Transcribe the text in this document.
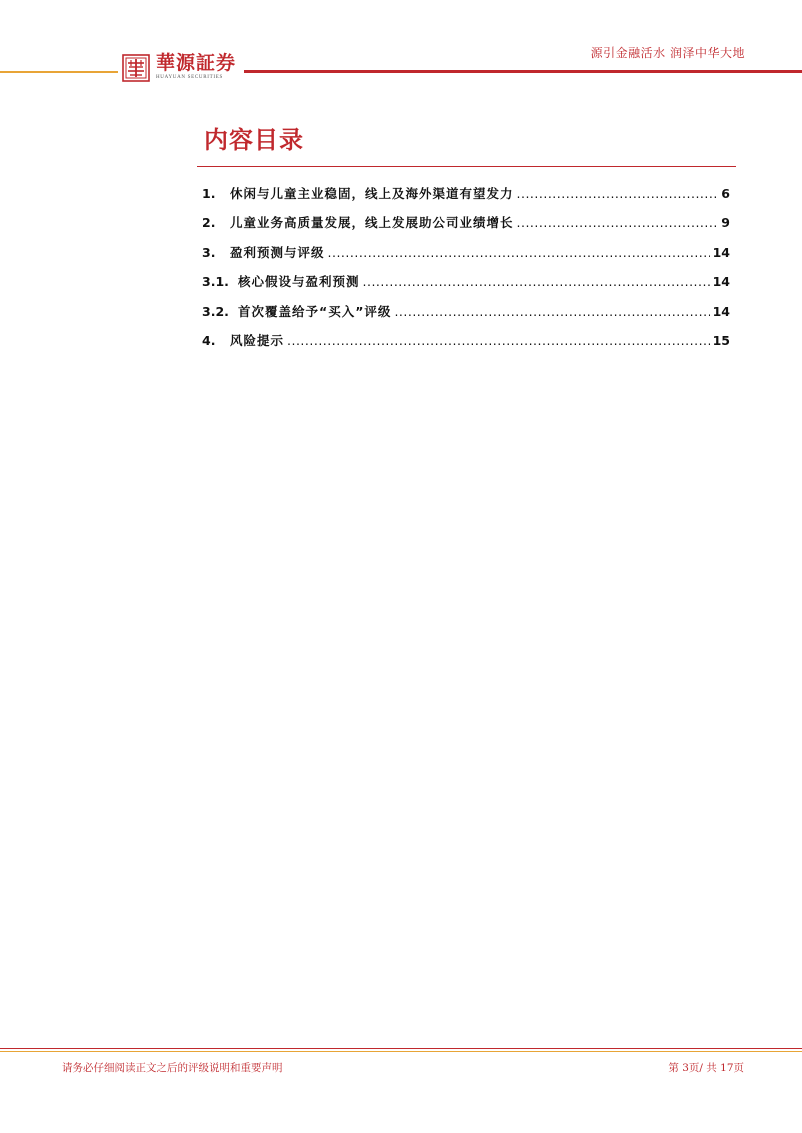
華源証券
HUAYUAN SECURITIES
源引金融活水 润泽中华大地
内容目录
1.	休闲与儿童主业稳固，线上及海外渠道有望发力 .....	6
2.	儿童业务高质量发展，线上发展助公司业绩增长 .....	9
3.	盈利预测与评级 .....	14
3.1. 核心假设与盈利预测 .....	14
3.2. 首次覆盖给予“买入”评级 .....	14
4.	风险提示 .....	15
请务必仔细阅读正文之后的评级说明和重要声明	第 3页/ 共 17页
